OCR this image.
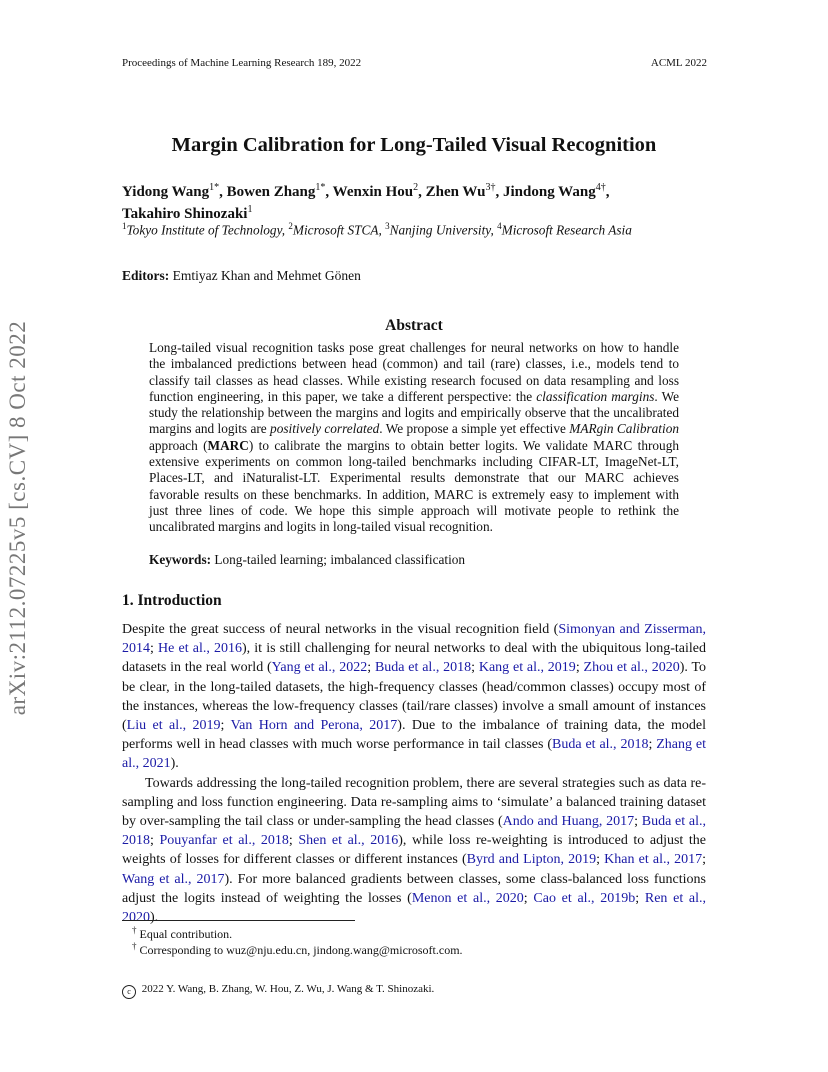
Proceedings of Machine Learning Research 189, 2022	ACML 2022
arXiv:2112.07225v5 [cs.CV] 8 Oct 2022
Margin Calibration for Long-Tailed Visual Recognition
Yidong Wang$^{1*}$, Bowen Zhang$^{1*}$, Wenxin Hou$^2$, Zhen $Wu^{3\dagger}$, Jindong Wang$^{4\dagger}$,
Takahiro Shinozaki$^1$
$^1$Tokyo Institute of Technology, $^2$Microsoft STCA, $^3$Nanjing University, $^4$Microsoft Research Asia
Editors: Emtiyaz Khan and Mehmet Gönen
Abstract

Long-tailed visual recognition tasks pose great challenges for neural networks on how to handle the imbalanced predictions between head (common) and tail (rare) classes, i.e., models tend to classify tail classes as head classes. While existing research focused on data resampling and loss function engineering, in this paper, we take a different perspective: the classification margins. We study the relationship between the margins and logits and empirically observe that the uncalibrated margins and logits are positively correlated. We propose a simple yet effective MARgin Calibration approach (MARC) to calibrate the margins to obtain better logits. We validate MARC through extensive experiments on common long-tailed benchmarks including CIFAR-LT, ImageNet-LT, Places-LT, and iNaturalist-LT. Experimental results demonstrate that our MARC achieves favorable results on these benchmarks. In addition, MARC is extremely easy to implement with just three lines of code. We hope this simple approach will motivate people to rethink the uncalibrated margins and logits in long-tailed visual recognition.

Keywords: Long-tailed learning; imbalanced classification
1. Introduction

Despite the great success of neural networks in the visual recognition field (Simonyan and Zisserman, 2014; He et al., 2016), it is still challenging for neural networks to deal with the ubiquitous long-tailed datasets in the real world (Yang et al., 2022; Buda et al., 2018; Kang et al., 2019; Zhou et al., 2020). To be clear, in the long-tailed datasets, the high-frequency classes (head/common classes) occupy most of the instances, whereas the low-frequency classes (tail/rare classes) involve a small amount of instances (Liu et al., 2019; Van Horn and Perona, 2017). Due to the imbalance of training data, the model performs well in head classes with much worse performance in tail classes (Buda et al., 2018; Zhang et al., 2021).

Towards addressing the long-tailed recognition problem, there are several strategies such as data re-sampling and loss function engineering. Data re-sampling aims to ‘simulate’ a balanced training dataset by over-sampling the tail class or under-sampling the head classes (Ando and Huang, 2017; Buda et al., 2018; Pouyanfar et al., 2018; Shen et al., 2016), while loss re-weighting is introduced to adjust the weights of losses for different classes or different instances (Byrd and Lipton, 2019; Khan et al., 2017; Wang et al., 2017). For more balanced gradients between classes, some class-balanced loss functions adjust the logits instead of weighting the losses (Menon et al., 2020; Cao et al., 2019b; Ren et al., 2020).

† Equal contribution.
† Corresponding to wuz@nju.edu.cn, jindong.wang@microsoft.com.
c 2022 Y. Wang, B. Zhang, W. Hou, Z. Wu, J. Wang & T. Shinozaki.
